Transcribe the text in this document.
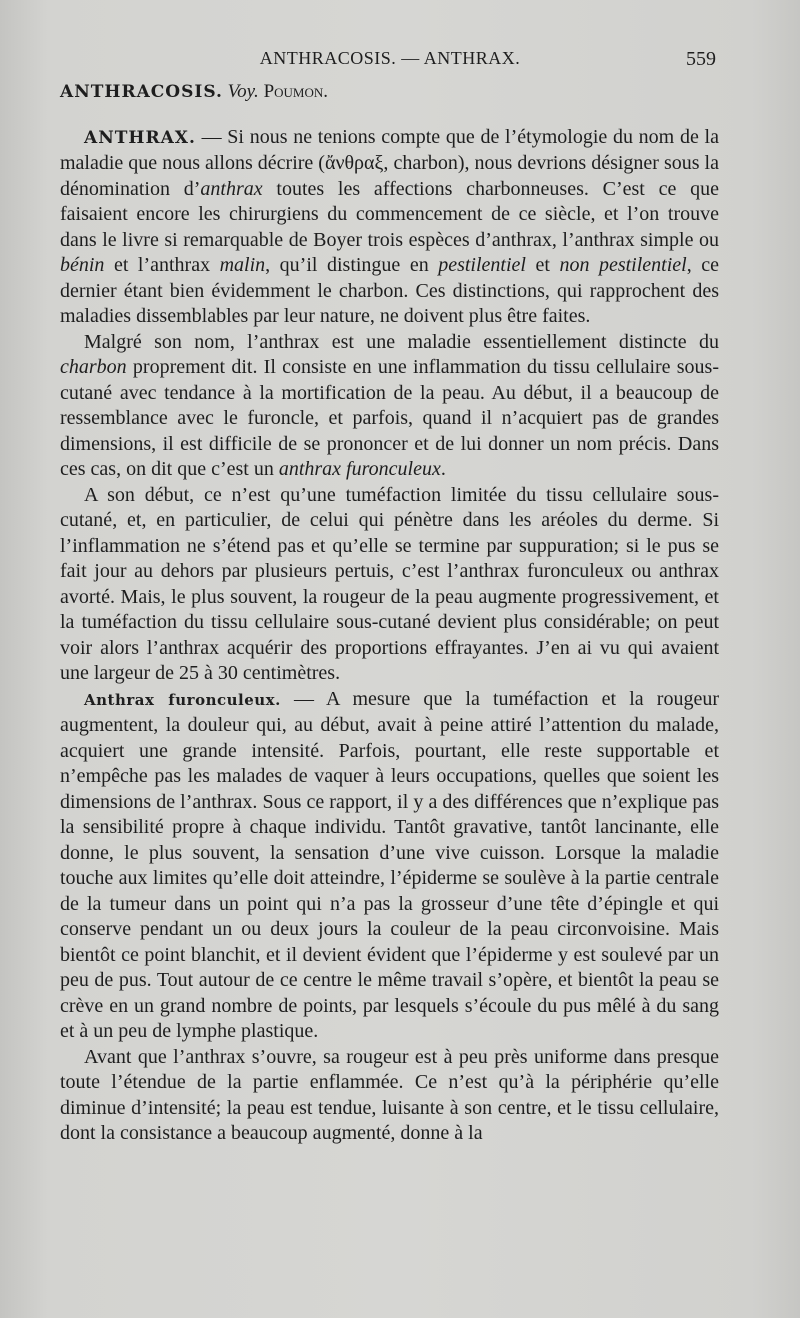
ANTHRACOSIS. — ANTHRAX.	559

ANTHRACOSIS. Voy. Poumon.

ANTHRAX. — Si nous ne tenions compte que de l’étymologie du nom de la maladie que nous allons décrire (ἄνθραξ, charbon), nous devrions désigner sous la dénomination d’anthrax toutes les affections charbonneuses. C’est ce que faisaient encore les chirurgiens du commencement de ce siècle, et l’on trouve dans le livre si remarquable de Boyer trois espèces d’anthrax, l’anthrax simple ou bénin et l’anthrax malin, qu’il distingue en pestilentiel et non pestilentiel, ce dernier étant bien évidemment le charbon. Ces distinctions, qui rapprochent des maladies dissemblables par leur nature, ne doivent plus être faites.

Malgré son nom, l’anthrax est une maladie essentiellement distincte du charbon proprement dit. Il consiste en une inflammation du tissu cellulaire sous-cutané avec tendance à la mortification de la peau. Au début, il a beaucoup de ressemblance avec le furoncle, et parfois, quand il n’acquiert pas de grandes dimensions, il est difficile de se prononcer et de lui donner un nom précis. Dans ces cas, on dit que c’est un anthrax furonculeux.

A son début, ce n’est qu’une tuméfaction limitée du tissu cellulaire sous-cutané, et, en particulier, de celui qui pénètre dans les aréoles du derme. Si l’inflammation ne s’étend pas et qu’elle se termine par suppuration; si le pus se fait jour au dehors par plusieurs pertuis, c’est l’anthrax furonculeux ou anthrax avorté. Mais, le plus souvent, la rougeur de la peau augmente progressivement, et la tuméfaction du tissu cellulaire sous-cutané devient plus considérable; on peut voir alors l’anthrax acquérir des proportions effrayantes. J’en ai vu qui avaient une largeur de 25 à 30 centimètres.

Anthrax furonculeux. — A mesure que la tuméfaction et la rougeur augmentent, la douleur qui, au début, avait à peine attiré l’attention du malade, acquiert une grande intensité. Parfois, pourtant, elle reste supportable et n’empêche pas les malades de vaquer à leurs occupations, quelles que soient les dimensions de l’anthrax. Sous ce rapport, il y a des différences que n’explique pas la sensibilité propre à chaque individu. Tantôt gravative, tantôt lancinante, elle donne, le plus souvent, la sensation d’une vive cuisson. Lorsque la maladie touche aux limites qu’elle doit atteindre, l’épiderme se soulève à la partie centrale de la tumeur dans un point qui n’a pas la grosseur d’une tête d’épingle et qui conserve pendant un ou deux jours la couleur de la peau circonvoisine. Mais bientôt ce point blanchit, et il devient évident que l’épiderme y est soulevé par un peu de pus. Tout autour de ce centre le même travail s’opère, et bientôt la peau se crève en un grand nombre de points, par lesquels s’écoule du pus mêlé à du sang et à un peu de lymphe plastique.

Avant que l’anthrax s’ouvre, sa rougeur est à peu près uniforme dans presque toute l’étendue de la partie enflammée. Ce n’est qu’à la périphérie qu’elle diminue d’intensité; la peau est tendue, luisante à son centre, et le tissu cellulaire, dont la consistance a beaucoup augmenté, donne à la
